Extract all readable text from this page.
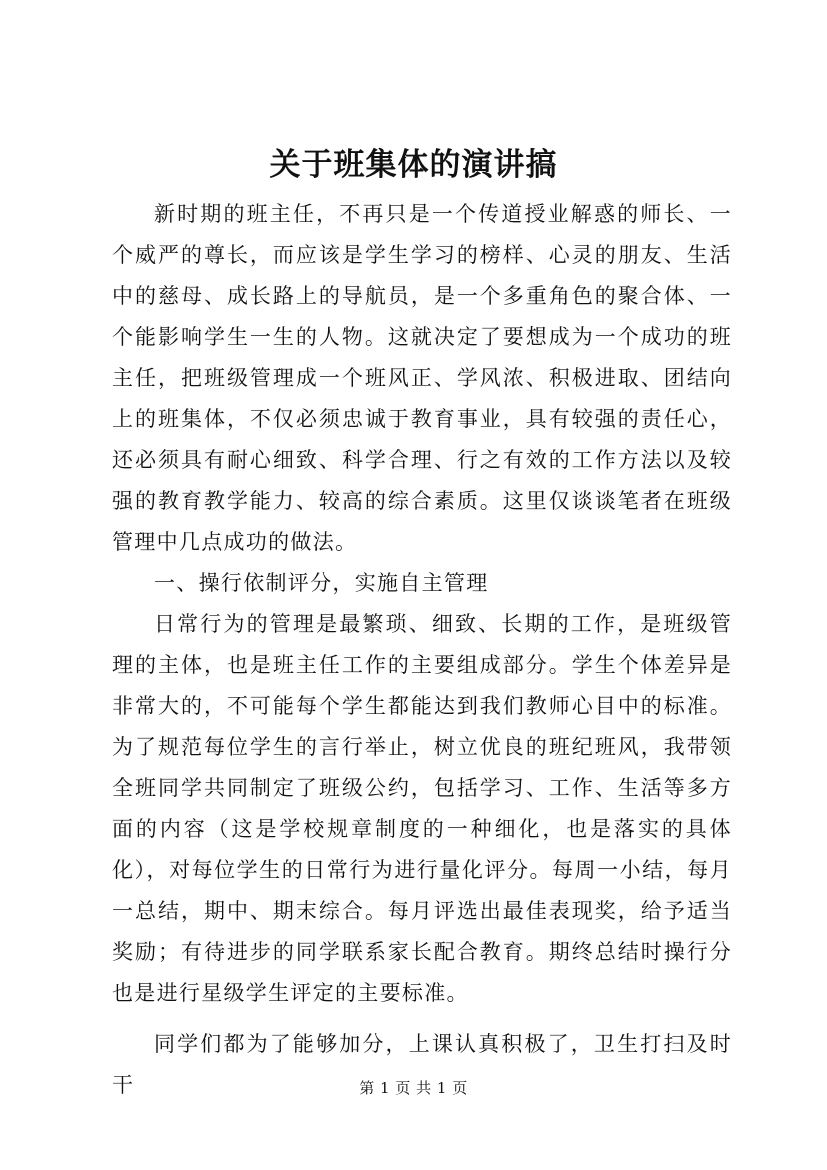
关于班集体的演讲搞

新时期的班主任，不再只是一个传道授业解惑的师长、一个威严的尊长，而应该是学生学习的榜样、心灵的朋友、生活中的慈母、成长路上的导航员，是一个多重角色的聚合体、一个能影响学生一生的人物。这就决定了要想成为一个成功的班主任，把班级管理成一个班风正、学风浓、积极进取、团结向上的班集体，不仅必须忠诚于教育事业，具有较强的责任心，还必须具有耐心细致、科学合理、行之有效的工作方法以及较强的教育教学能力、较高的综合素质。这里仅谈谈笔者在班级管理中几点成功的做法。

一、操行依制评分，实施自主管理

日常行为的管理是最繁琐、细致、长期的工作，是班级管理的主体，也是班主任工作的主要组成部分。学生个体差异是非常大的，不可能每个学生都能达到我们教师心目中的标准。为了规范每位学生的言行举止，树立优良的班纪班风，我带领全班同学共同制定了班级公约，包括学习、工作、生活等多方面的内容（这是学校规章制度的一种细化，也是落实的具体化），对每位学生的日常行为进行量化评分。每周一小结，每月一总结，期中、期末综合。每月评选出最佳表现奖，给予适当奖励；有待进步的同学联系家长配合教育。期终总结时操行分也是进行星级学生评定的主要标准。

同学们都为了能够加分，上课认真积极了，卫生打扫及时干	第 1 页 共 1 页
